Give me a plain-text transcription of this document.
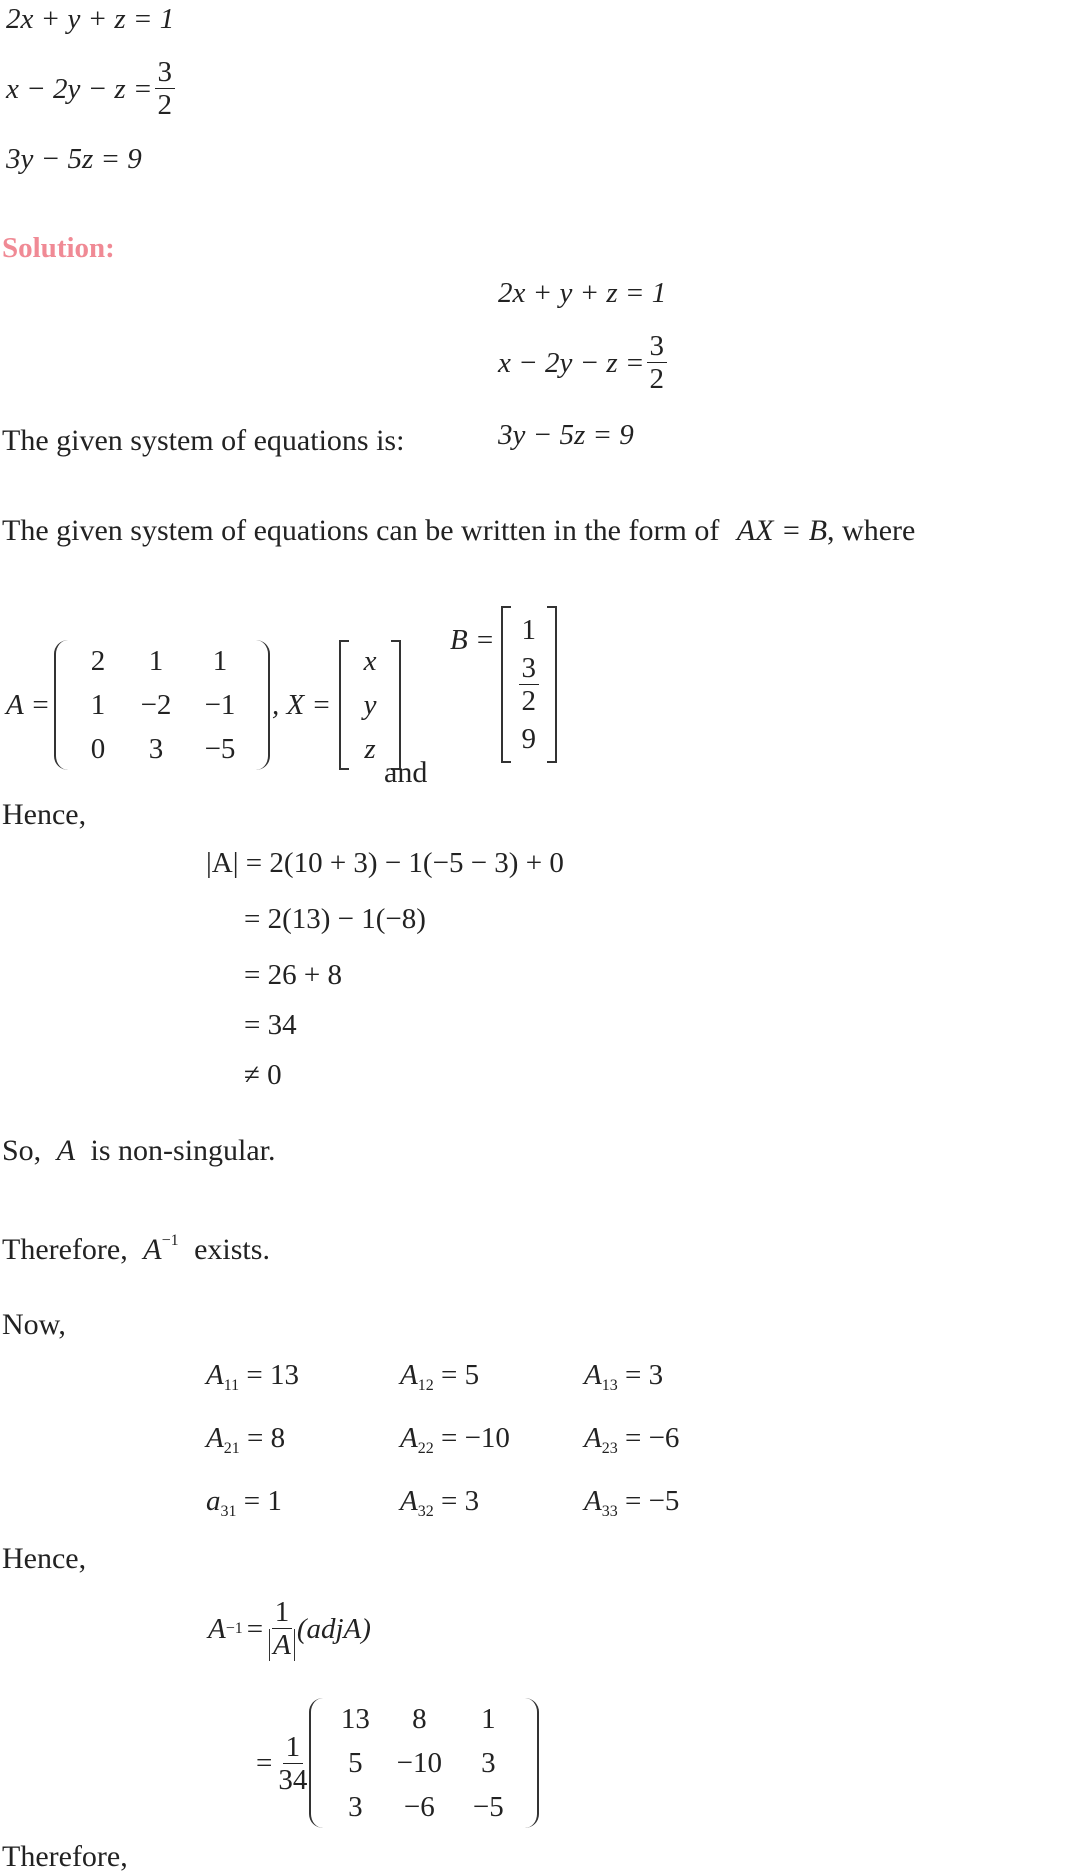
2x + y + z = 1
$x - 2y - z = \frac{3}{2}$
3y − 5z = 9
Solution:
2x + y + z = 1
$x - 2y - z = \frac{3}{2}$
The given system of equations is:	3y − 5z = 9
The given system of equations can be written in the form of AX = B, where
A =
2	1	1
1	−2	−1
0	3	−5
, X =
x
y
z
and
B = 1
$\frac{3}{2}$
9
Hence,
|A| = 2(10 + 3) − 1(−5 − 3) + 0
= 2(13) − 1(−8)
= 26 + 8
= 34
≠ 0
So, A is non-singular.
Therefore, $A^{-1}$ exists.
Now,
$A_{11} = 13$	$A_{12} = 5$	$A_{13} = 3$
$A_{21} = 8$	$A_{22} = -10$	$A_{23} = -6$
$a_{31} = 1$	$A_{32} = 3$	$A_{33} = -5$
Hence,
$A -1 = \frac{1}{A}$ (adjA)
= $\frac{1}{34}$
13	8	1
5	−10	3
3	−6	−5
Therefore,
